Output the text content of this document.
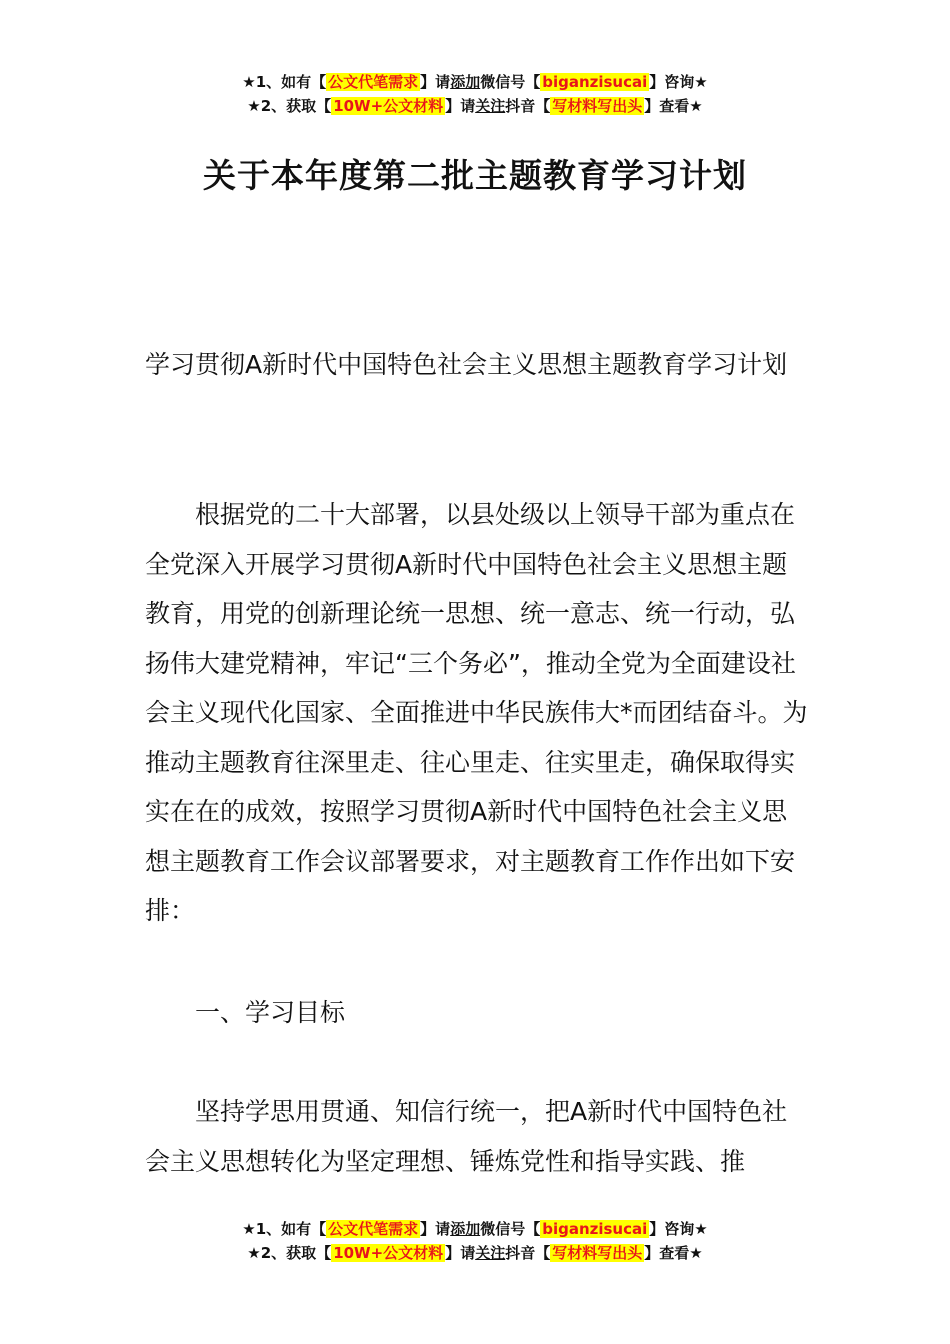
★1、如有【 公文代笔需求 】请添加微信号【 biganzisucai 】咨询★
★2、获取【 10W+公文材料 】请关注抖音【 写材料写出头 】查看★
关于本年度第二批主题教育学习计划
学习贯彻A新时代中国特色社会主义思想主题教育学习计划
根据党的二十大部署，以县处级以上领导干部为重点在全党深入开展学习贯彻A新时代中国特色社会主义思想主题教育，用党的创新理论统一思想、统一意志、统一行动，弘扬伟大建党精神，牢记“三个务必”，推动全党为全面建设社会主义现代化国家、全面推进中华民族伟大*而团结奋斗。为推动主题教育往深里走、往心里走、往实里走，确保取得实实在在的成效，按照学习贯彻A新时代中国特色社会主义思想主题教育工作会议部署要求，对主题教育工作作出如下安排：
一、学习目标
坚持学思用贯通、知信行统一，把A新时代中国特色社会主义思想转化为坚定理想、锤炼党性和指导实践、推
★1、如有【 公文代笔需求 】请添加微信号【 biganzisucai 】咨询★
★2、获取【 10W+公文材料 】请关注抖音【 写材料写出头 】查看★
